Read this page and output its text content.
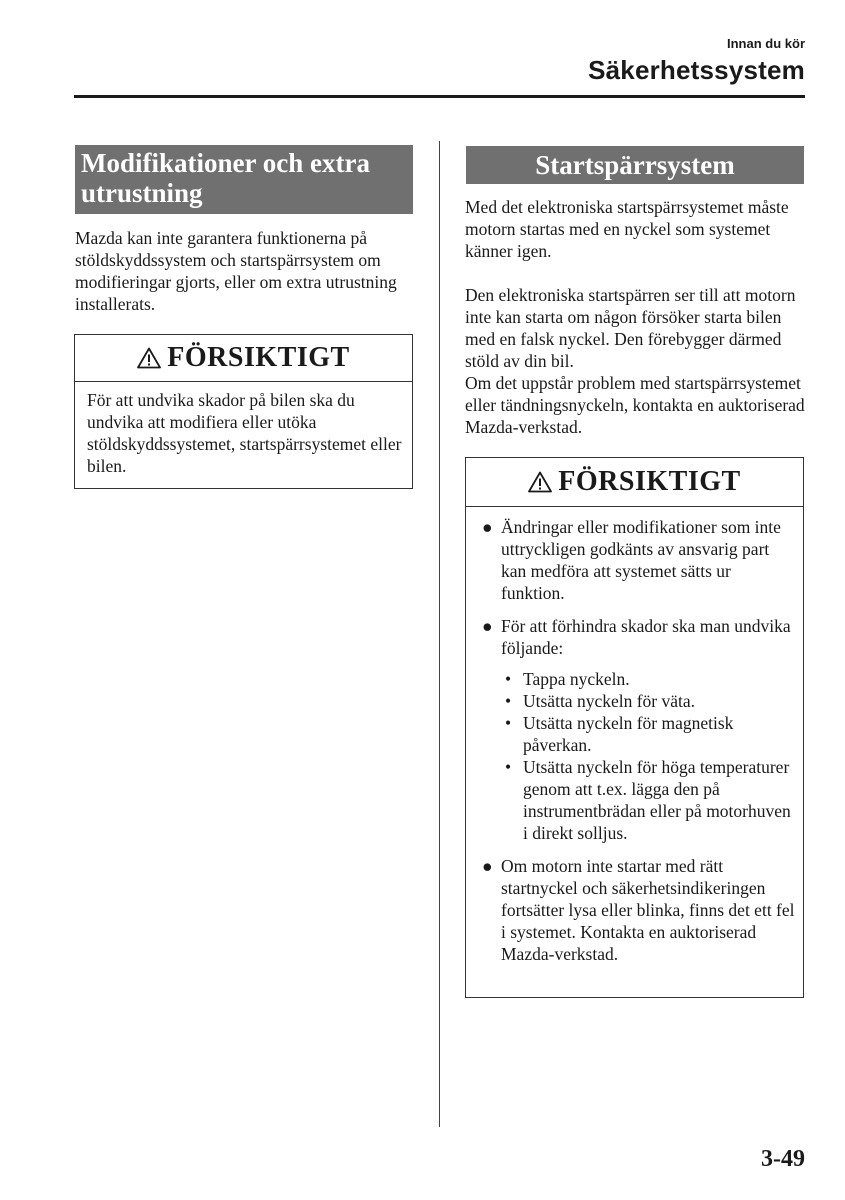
Innan du kör
Säkerhetssystem
Modifikationer och extra utrustning

Mazda kan inte garantera funktionerna på stöldskyddssystem och startspärrsystem om modifieringar gjorts, eller om extra utrustning installerats.

FÖRSIKTIGT

För att undvika skador på bilen ska du undvika att modifiera eller utöka stöldskyddssystemet, startspärrsystemet eller bilen.

Startspärrsystem

Med det elektroniska startspärrsystemet måste motorn startas med en nyckel som systemet känner igen.

Den elektroniska startspärren ser till att motorn inte kan starta om någon försöker starta bilen med en falsk nyckel. Den förebygger därmed stöld av din bil.

Om det uppstår problem med startspärrsystemet eller tändningsnyckeln, kontakta en auktoriserad Mazda-verkstad.

FÖRSIKTIGT
● Ändringar eller modifikationer som inte uttryckligen godkänts av ansvarig part kan medföra att systemet sätts ur funktion.
● För att förhindra skador ska man undvika följande:
• Tappa nyckeln.
• Utsätta nyckeln för väta.
• Utsätta nyckeln för magnetisk påverkan.
• Utsätta nyckeln för höga temperaturer genom att t.ex. lägga den på instrumentbrädan eller på motorhuven i direkt solljus.
● Om motorn inte startar med rätt startnyckel och säkerhetsindikeringen fortsätter lysa eller blinka, finns det ett fel i systemet. Kontakta en auktoriserad Mazda-verkstad.
3-49
